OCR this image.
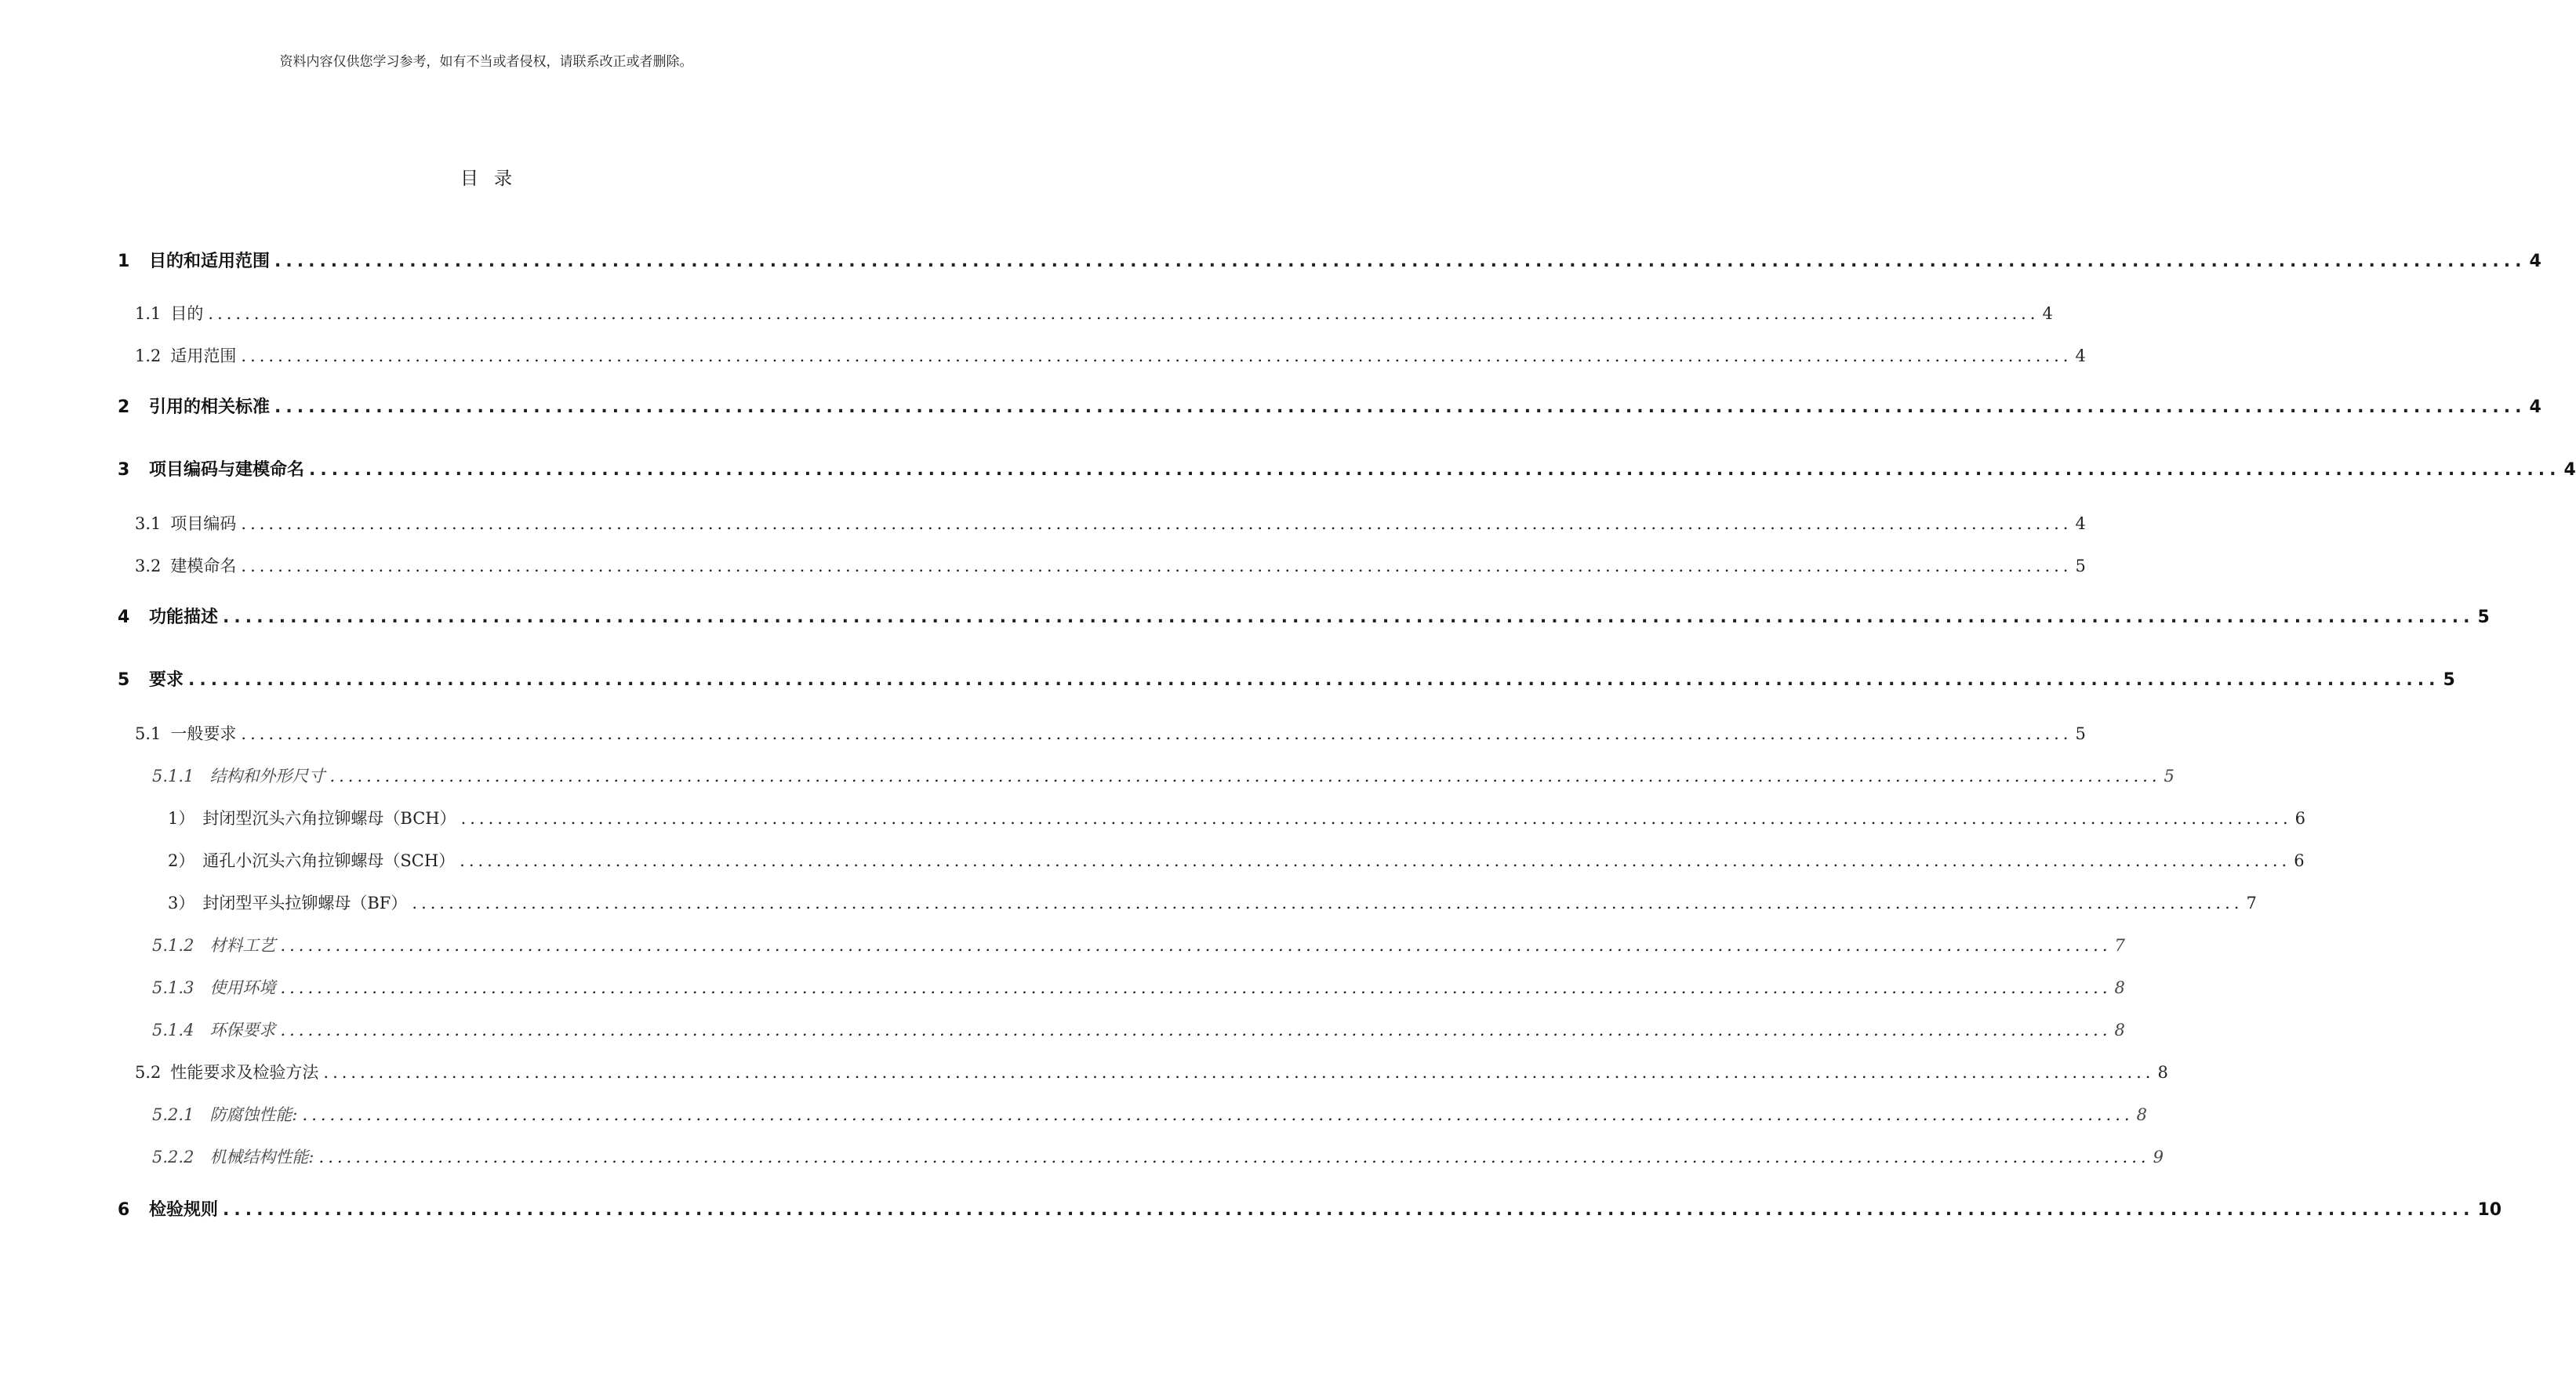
资料内容仅供您学习参考，如有不当或者侵权，请联系改正或者删除。
目录
1	目的和适用范围 ........................................................................................................................................................................................................ 4
1.1 目的 ........................................................................................................................................................................................................ 4
1.2 适用范围 ........................................................................................................................................................................................................ 4
2	引用的相关标准 ........................................................................................................................................................................................................ 4
3	项目编码与建模命名 ........................................................................................................................................................................................................ 4
3.1 项目编码 ........................................................................................................................................................................................................ 4
3.2 建模命名 ........................................................................................................................................................................................................ 5
4	功能描述 ........................................................................................................................................................................................................ 5
5	要求 ........................................................................................................................................................................................................ 5
5.1 一般要求 ........................................................................................................................................................................................................ 5
5.1.1 结构和外形尺寸 ........................................................................................................................................................................................................ 5
1） 封闭型沉头六角拉铆螺母（BCH） ........................................................................................................................................................................................................ 6
2） 通孔小沉头六角拉铆螺母（SCH） ........................................................................................................................................................................................................ 6
3） 封闭型平头拉铆螺母（BF） ........................................................................................................................................................................................................ 7
5.1.2 材料工艺 ........................................................................................................................................................................................................ 7
5.1.3 使用环境 ........................................................................................................................................................................................................ 8
5.1.4 环保要求 ........................................................................................................................................................................................................ 8
5.2 性能要求及检验方法 ........................................................................................................................................................................................................ 8
5.2.1 防腐蚀性能: ........................................................................................................................................................................................................ 8
5.2.2 机械结构性能: ........................................................................................................................................................................................................ 9
6	检验规则 ........................................................................................................................................................................................................ 10
